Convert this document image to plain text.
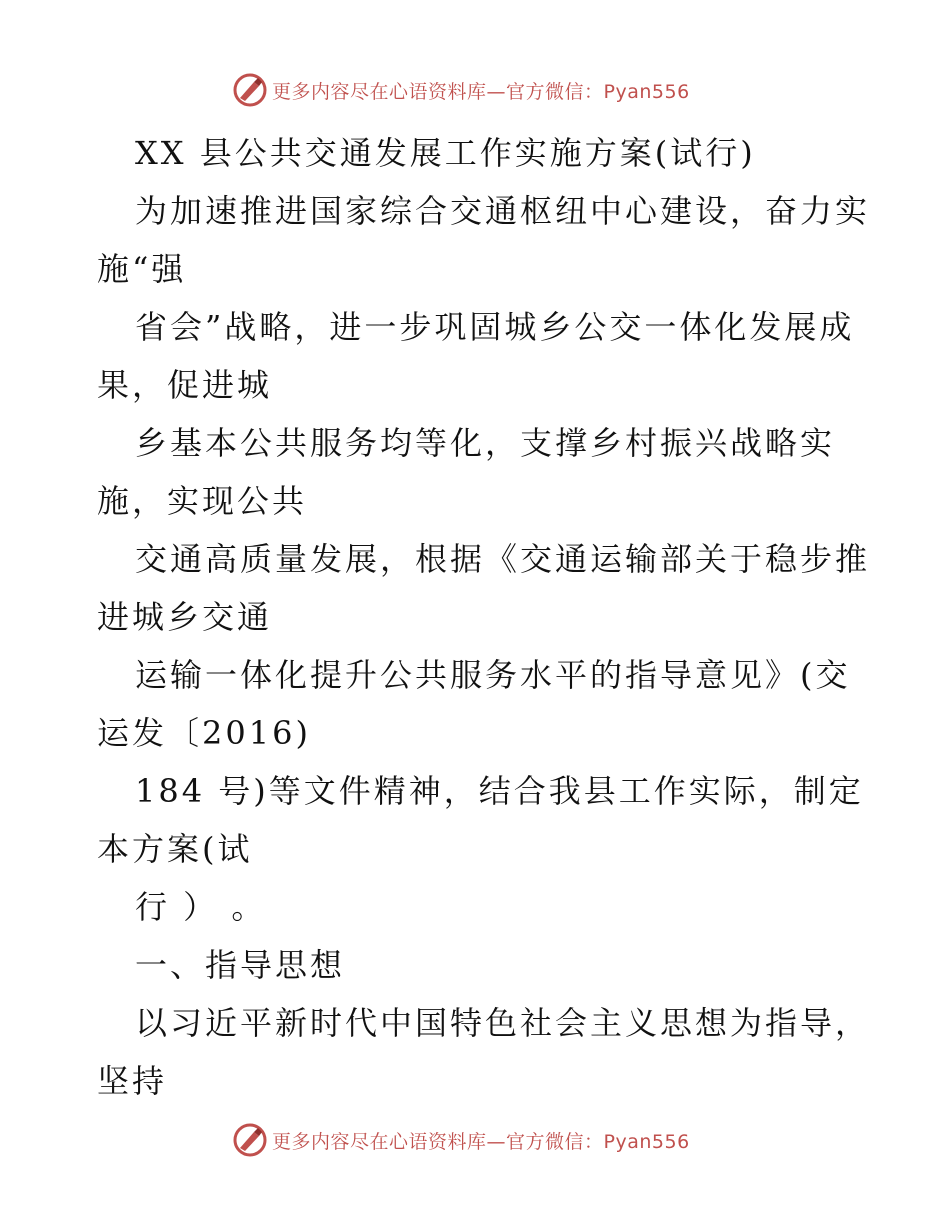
更多内容尽在心语资料库—官方微信：Pyan556
XX 县公共交通发展工作实施方案(试行)
为加速推进国家综合交通枢纽中心建设，奋力实
施“强
省会”战略，进一步巩固城乡公交一体化发展成
果，促进城
乡基本公共服务均等化，支撑乡村振兴战略实
施，实现公共
交通高质量发展，根据《交通运输部关于稳步推
进城乡交通
运输一体化提升公共服务水平的指导意见》(交
运发〔2016)
184 号)等文件精神，结合我县工作实际，制定
本方案(试
行 ） 。
一、指导思想
以习近平新时代中国特色社会主义思想为指导，
坚持
更多内容尽在心语资料库—官方微信：Pyan556
